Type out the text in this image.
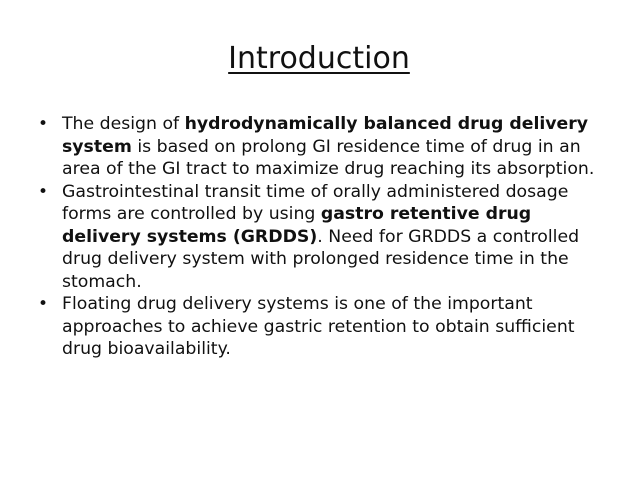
Introduction
• The design of hydrodynamically balanced drug delivery system is based on prolong GI residence time of drug in an area of the GI tract to maximize drug reaching its absorption.
• Gastrointestinal transit time of orally administered dosage forms are controlled by using gastro retentive drug delivery systems (GRDDS). Need for GRDDS a controlled drug delivery system with prolonged residence time in the stomach.
• Floating drug delivery systems is one of the important approaches to achieve gastric retention to obtain sufficient drug bioavailability.
